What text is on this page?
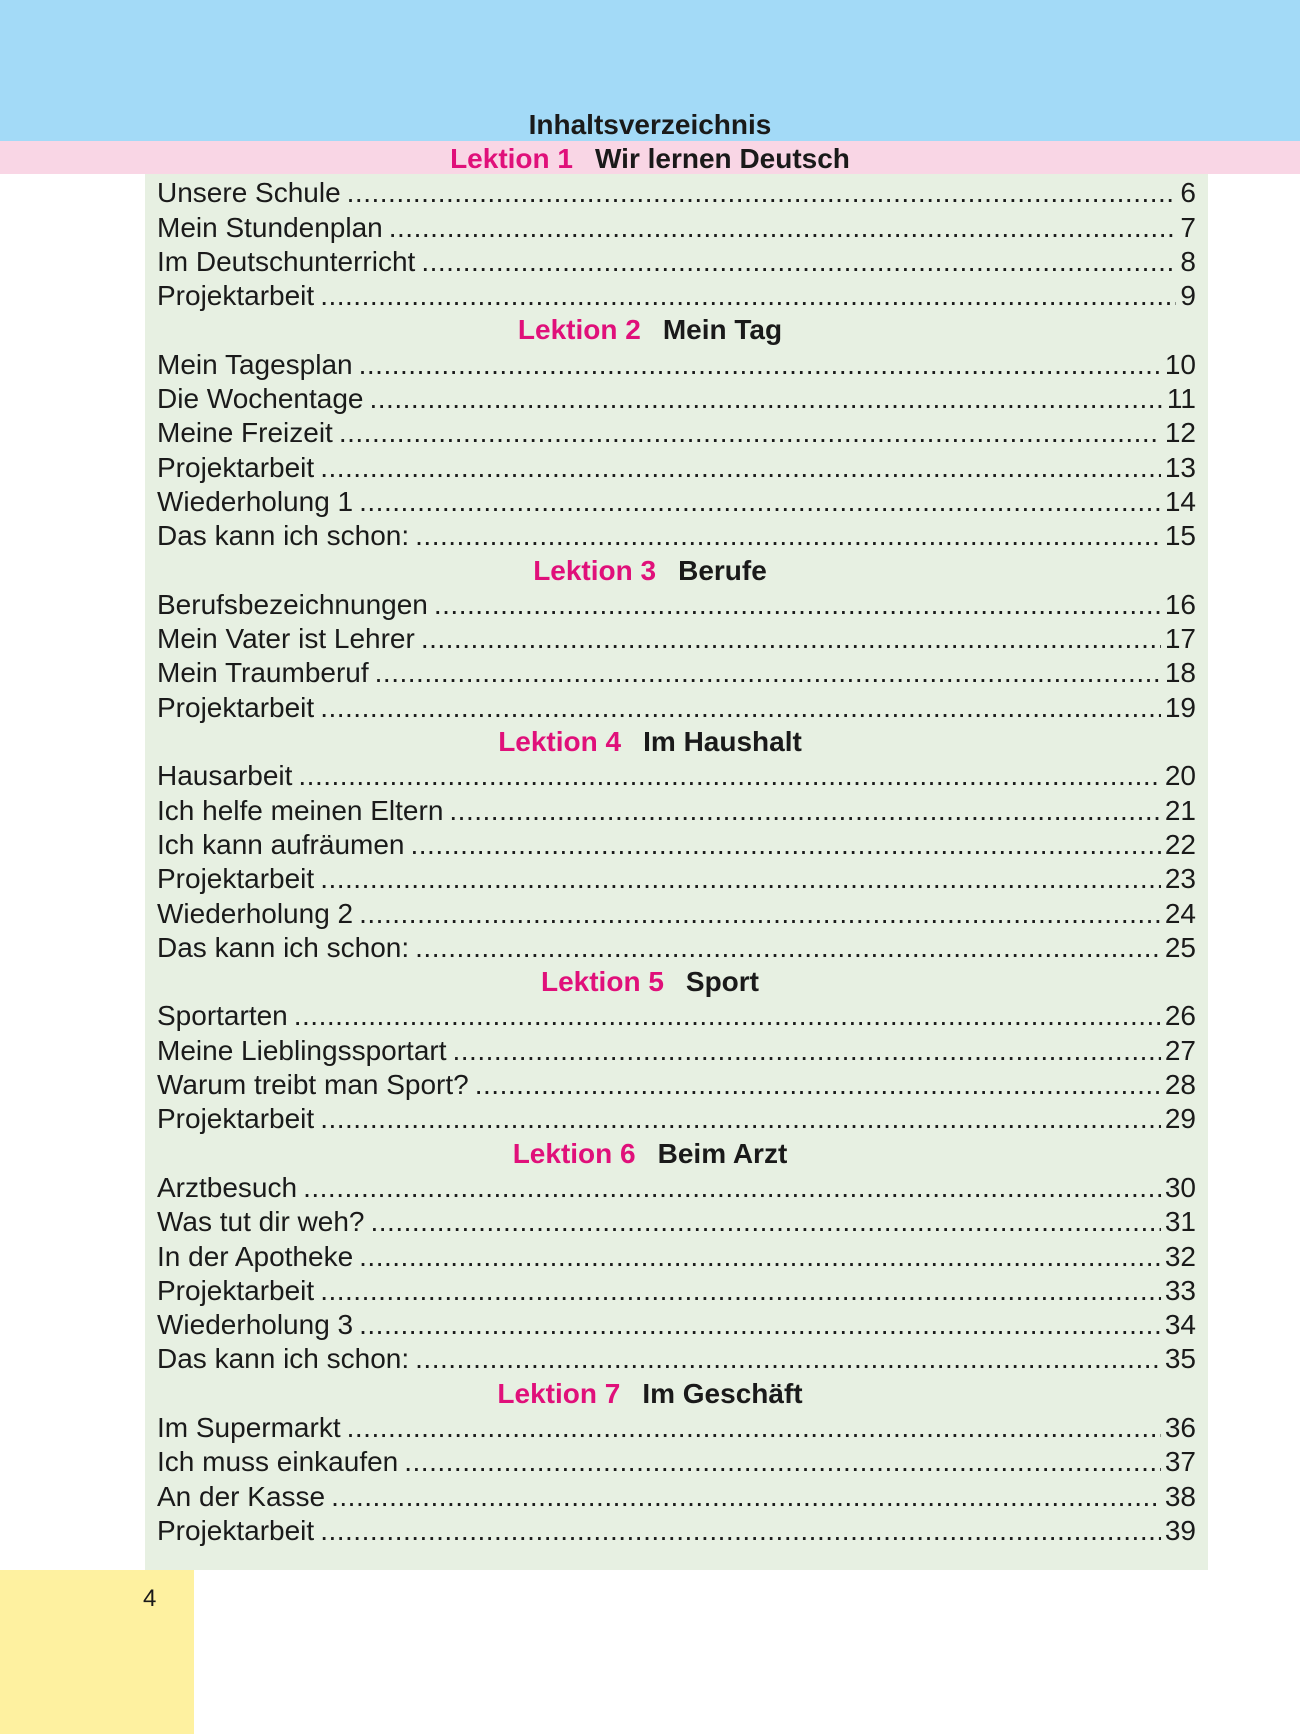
Inhaltsverzeichnis
Lektion 1 Wir lernen Deutsch
Unsere Schule .....	6
Mein Stundenplan .....	7
Im Deutschunterricht .....	8
Projektarbeit .....	9
Lektion 2 Mein Tag
Mein Tagesplan .....	10
Die Wochentage .....	11
Meine Freizeit .....	12
Projektarbeit .....	13
Wiederholung 1 .....	14
Das kann ich schon: .....	15
Lektion 3 Berufe
Berufsbezeichnungen .....	16
Mein Vater ist Lehrer .....	17
Mein Traumberuf .....	18
Projektarbeit .....	19
Lektion 4 Im Haushalt
Hausarbeit .....	20
Ich helfe meinen Eltern .....	21
Ich kann aufräumen .....	22
Projektarbeit .....	23
Wiederholung 2 .....	24
Das kann ich schon: .....	25
Lektion 5 Sport
Sportarten .....	26
Meine Lieblingssportart .....	27
Warum treibt man Sport? .....	28
Projektarbeit .....	29
Lektion 6 Beim Arzt
Arztbesuch .....	30
Was tut dir weh? .....	31
In der Apotheke .....	32
Projektarbeit .....	33
Wiederholung 3 .....	34
Das kann ich schon: .....	35
Lektion 7 Im Geschäft
Im Supermarkt .....	36
Ich muss einkaufen .....	37
An der Kasse .....	38
Projektarbeit .....	39
4
